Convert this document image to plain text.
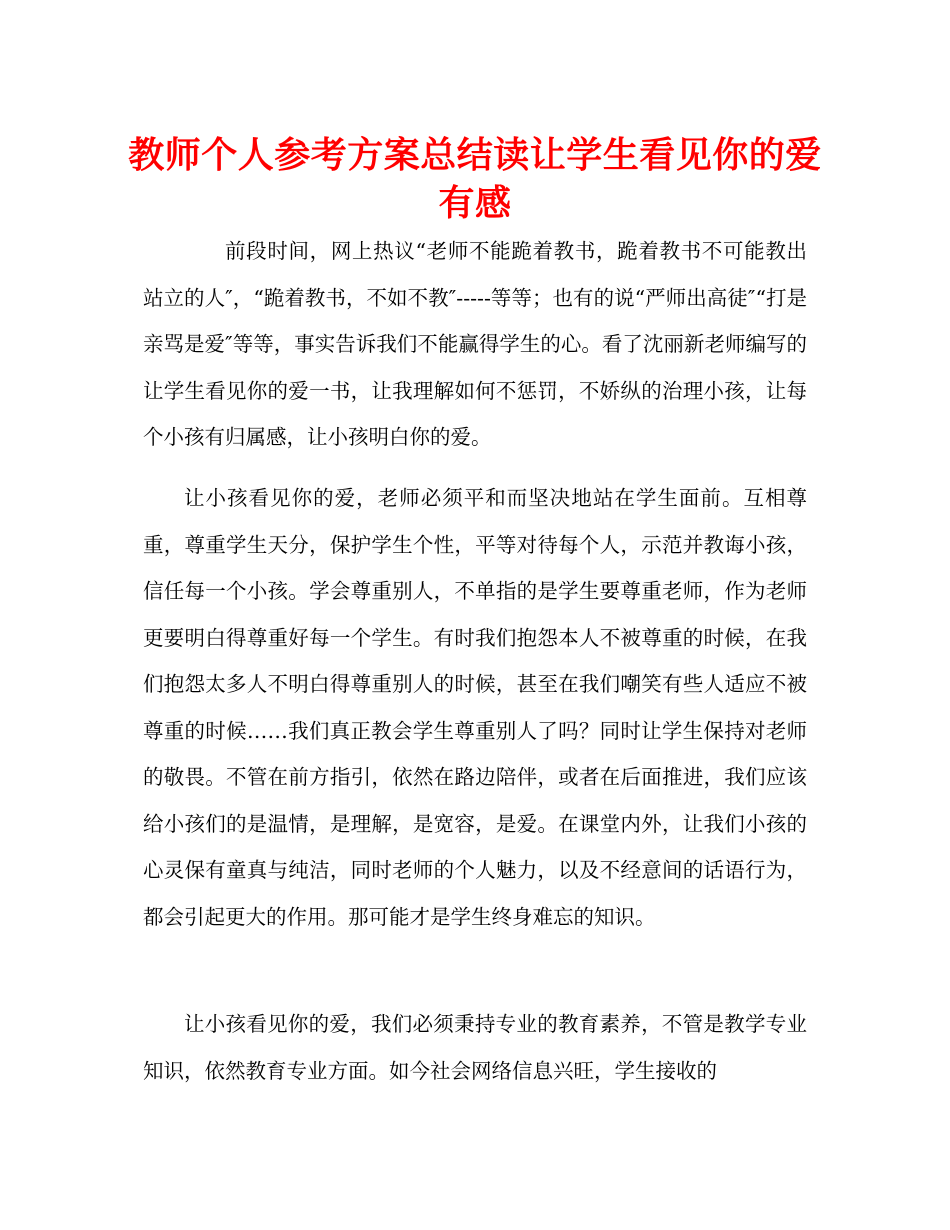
教师个人参考方案总结读让学生看见你的爱有感

前段时间，网上热议“老师不能跪着教书，跪着教书不可能教出站立的人″，“跪着教书，不如不教″-----等等；也有的说“严师出高徒″“打是亲骂是爱″等等，事实告诉我们不能赢得学生的心。看了沈丽新老师编写的让学生看见你的爱一书，让我理解如何不惩罚，不娇纵的治理小孩，让每个小孩有归属感，让小孩明白你的爱。

让小孩看见你的爱，老师必须平和而坚决地站在学生面前。互相尊重，尊重学生天分，保护学生个性，平等对待每个人，示范并教诲小孩，信任每一个小孩。学会尊重别人，不单指的是学生要尊重老师，作为老师更要明白得尊重好每一个学生。有时我们抱怨本人不被尊重的时候，在我们抱怨太多人不明白得尊重别人的时候，甚至在我们嘲笑有些人适应不被尊重的时候……我们真正教会学生尊重别人了吗？同时让学生保持对老师的敬畏。不管在前方指引，依然在路边陪伴，或者在后面推进，我们应该给小孩们的是温情，是理解，是宽容，是爱。在课堂内外，让我们小孩的心灵保有童真与纯洁，同时老师的个人魅力，以及不经意间的话语行为，都会引起更大的作用。那可能才是学生终身难忘的知识。

让小孩看见你的爱，我们必须秉持专业的教育素养，不管是教学专业知识，依然教育专业方面。如今社会网络信息兴旺，学生接收的
